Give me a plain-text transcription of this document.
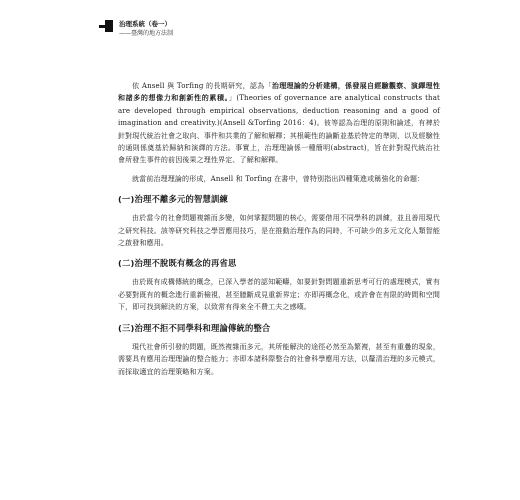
治理系統（卷一）
——臺灣的地方法制

依 Ansell 與 Torfing 的長期研究，認為「治理理論的分析建構，係發展自經驗觀察、演繹理性和諸多的想像力和創新性的累積。」(Theories of governance are analytical constructs that are developed through empirical observations, deduction reasoning and a good of imagination and creativity.)(Ansell &Torfing 2016：4)。彼等認為治理的原則和論述，有裨於針對現代統治社會之取向、事件和共業的了解和解釋；其根範性的論斷並基於特定的準則，以及經驗性的通則係奠基於歸納和演繹的方法。事實上，治理理論係一種簡明(abstract)，旨在針對現代統治社會所發生事件的前因後果之理性界定、了解和解釋。

就當前治理理論的形成，Ansell 和 Torfing 在書中，曾特別指出四種策進或稱強化的命題：

(一)治理不離多元的智慧訓練

由於當今的社會問題複雜而多變，如何掌握問題的核心，需要借用不同學科的訓練，並且善用現代之研究科技。該等研究科技之學習應用技巧，是在推動治理作為的同時，不可缺少的多元文化人類智能之啟發和應用。

(二)治理不脫既有概念的再省思

由於既有成構傳統的概念，已深入學者的認知範疇，如要針對問題重新思考可行的處理模式，實有必要對既有的概念進行重新檢視，甚至臆斷成見重新界定；亦即再概念化，或許會在有限的時間和空間下，即可找到解決的方案，以致常有得來全不費工夫之感嘆。

(三)治理不拒不同學科和理論傳統的整合

現代社會所引發的問題，既然複雜而多元，其所能解決的途徑必然至為繁複，甚至有重疊的現象，需要具有應用治理理論的整合能力；亦即本諸科際整合的社會科學應用方法，以釐清治理的多元模式，而採取適宜的治理策略和方案。
